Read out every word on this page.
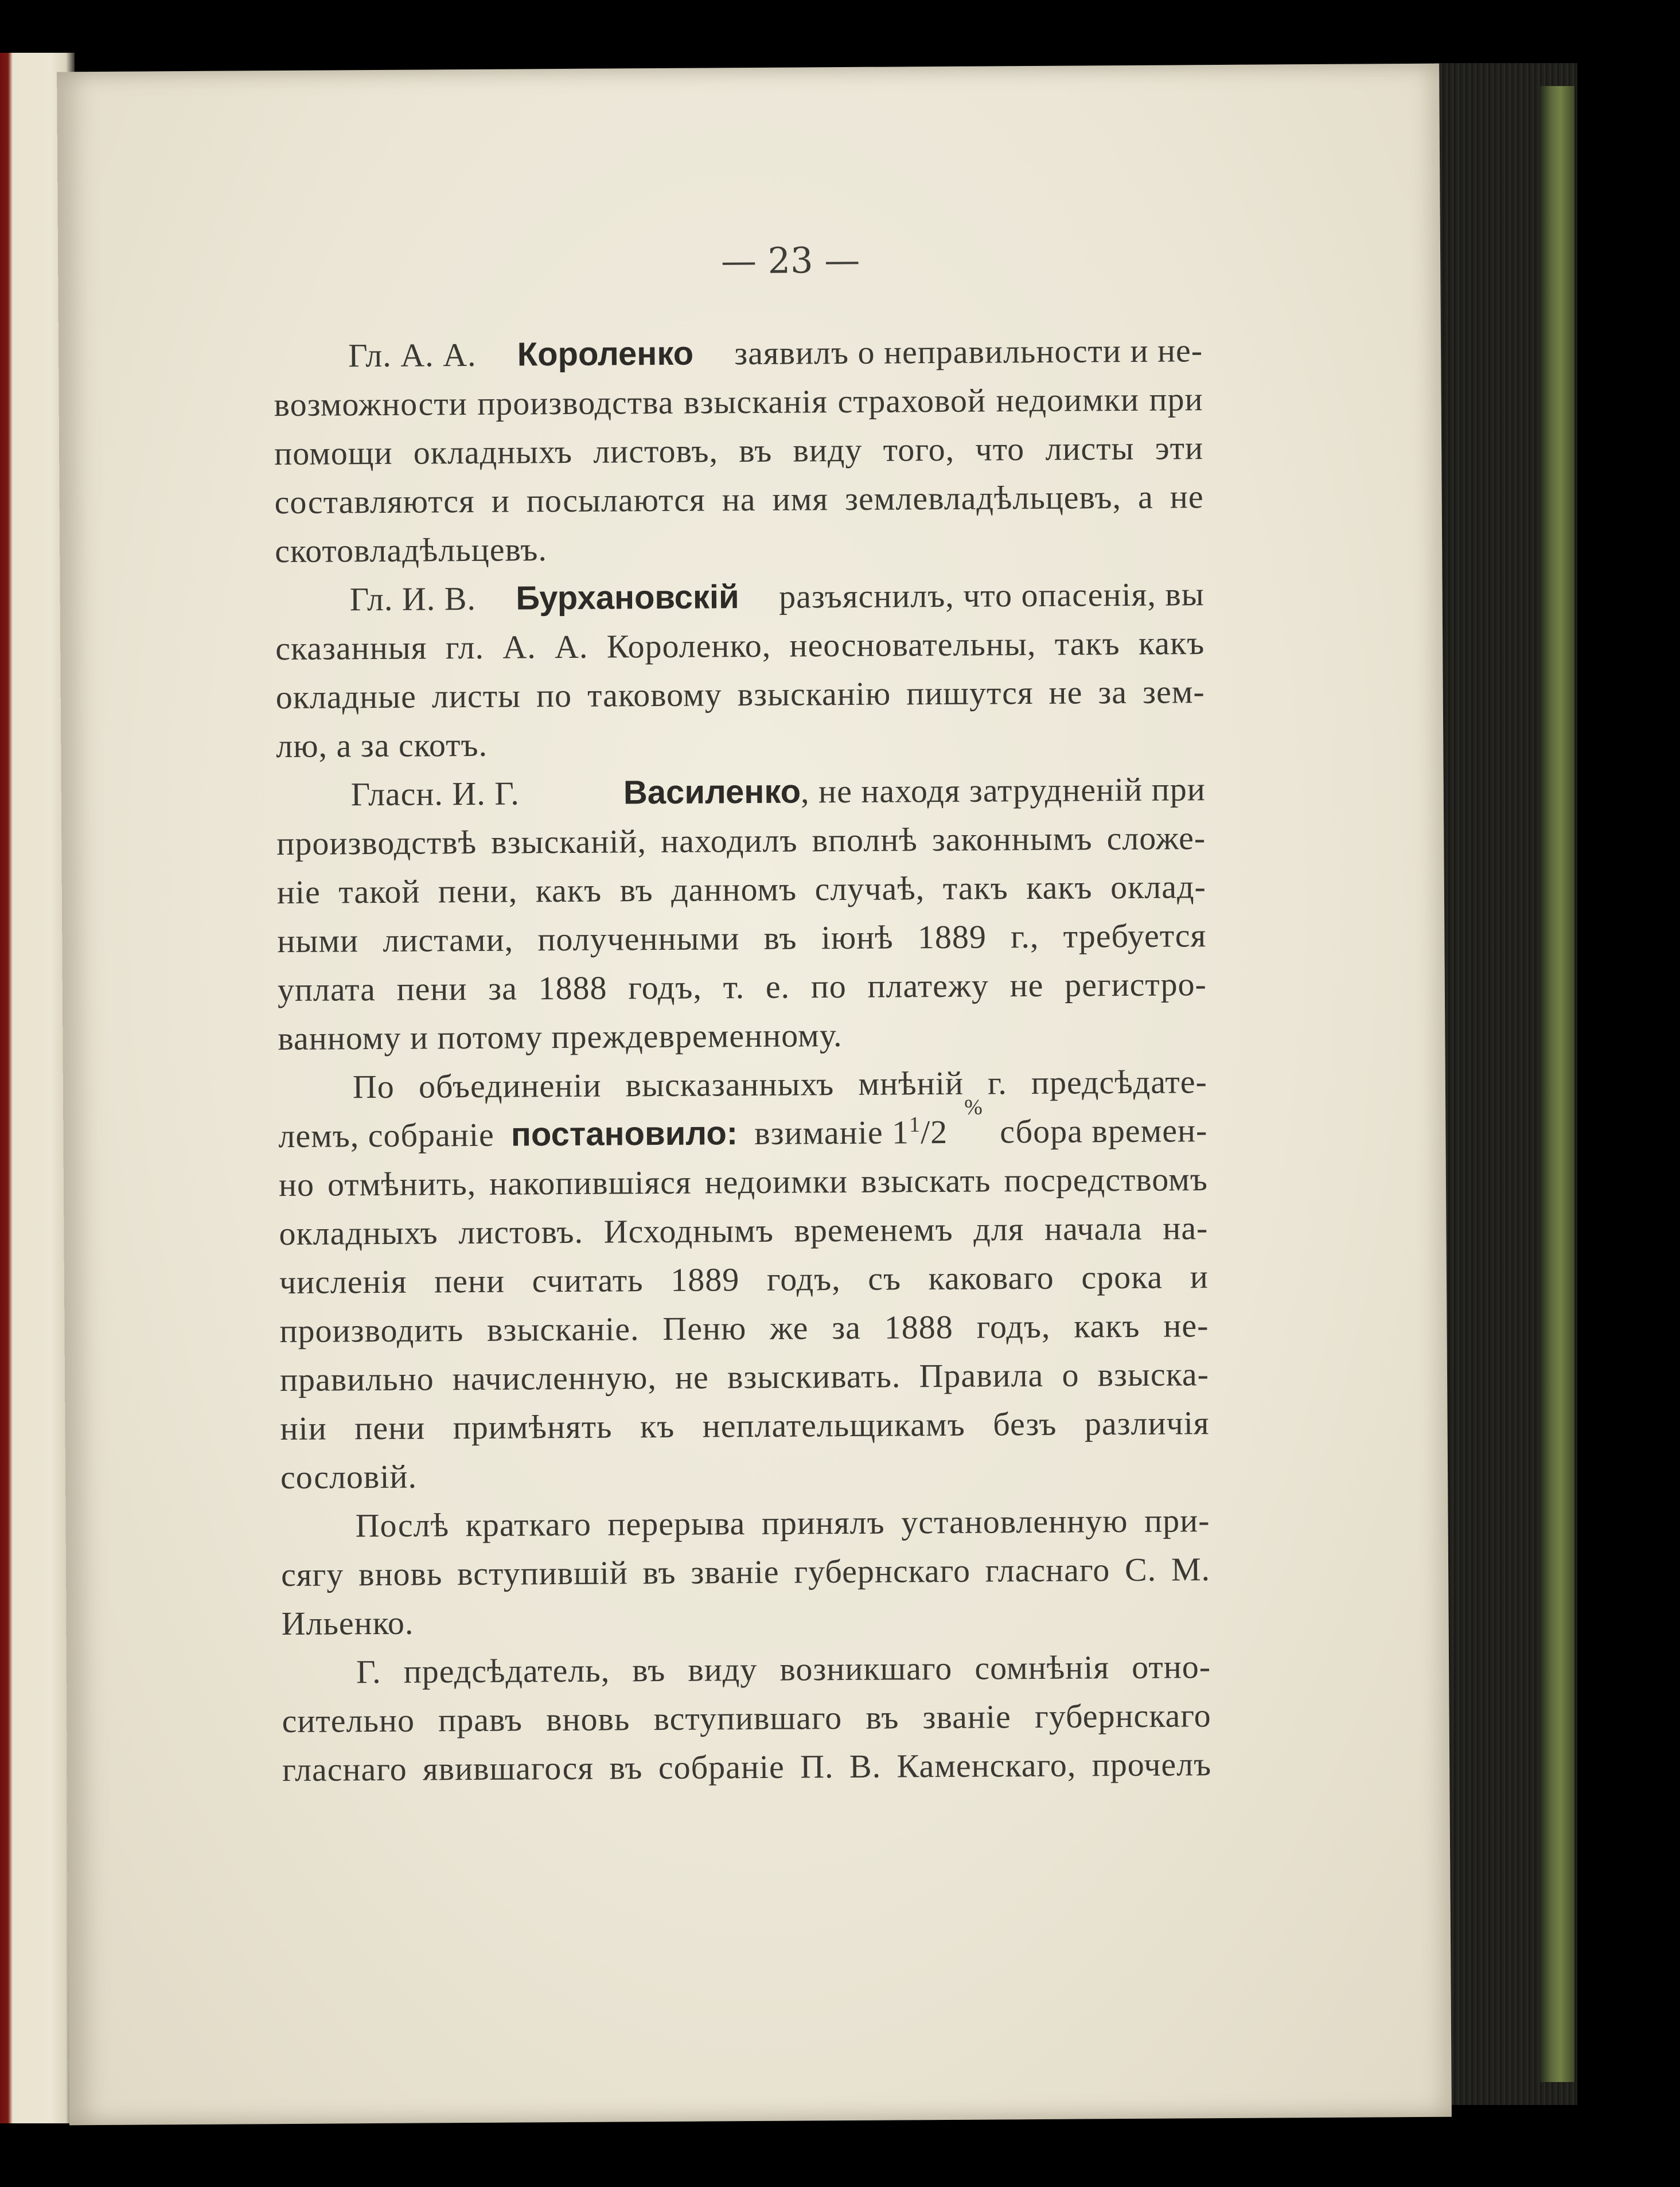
— 23 —
Гл. А. А. Короленко заявилъ о неправильности и не-
возможности производства взысканія страховой недоимки при
помощи окладныхъ листовъ, въ виду того, что листы эти
составляются и посылаются на имя землевладѣльцевъ, а не
скотовладѣльцевъ.
Гл. И. В. Бурхановскій разъяснилъ, что опасенія, вы
сказанныя гл. А. А. Короленко, неосновательны, такъ какъ
окладные листы по таковому взысканію пишутся не за зем-
лю, а за скотъ.
Гласн. И. Г.	Василенко, не находя затрудненій при
производствѣ взысканій, находилъ вполнѣ законнымъ сложе-
ніе такой пени, какъ въ данномъ случаѣ, такъ какъ оклад-
ными листами, полученными въ іюнѣ 1889 г., требуется
уплата пени за 1888 годъ, т. е. по платежу не регистро-
ванному и потому преждевременному.
По объединеніи высказанныхъ мнѣній г. предсѣдате-
лемъ, собраніе постановило: взиманіе $1^1/2$
%
сбора времен-
но отмѣнить, накопившіяся недоимки взыскать посредствомъ
окладныхъ листовъ. Исходнымъ временемъ для начала на-
численія пени считать 1889 годъ, съ каковаго срока и
производить взысканіе. Пеню же за 1888 годъ, какъ не-
правильно начисленную, не взыскивать. Правила о взыска-
ніи пени примѣнять къ неплательщикамъ безъ различія
сословій.
Послѣ краткаго перерыва принялъ установленную при-
сягу вновь вступившій въ званіе губернскаго гласнаго С. М.
Ильенко.
Г. предсѣдатель, въ виду возникшаго сомнѣнія отно-
сительно правъ вновь вступившаго въ званіе губернскаго
гласнаго явившагося въ собраніе П. В. Каменскаго, прочелъ
